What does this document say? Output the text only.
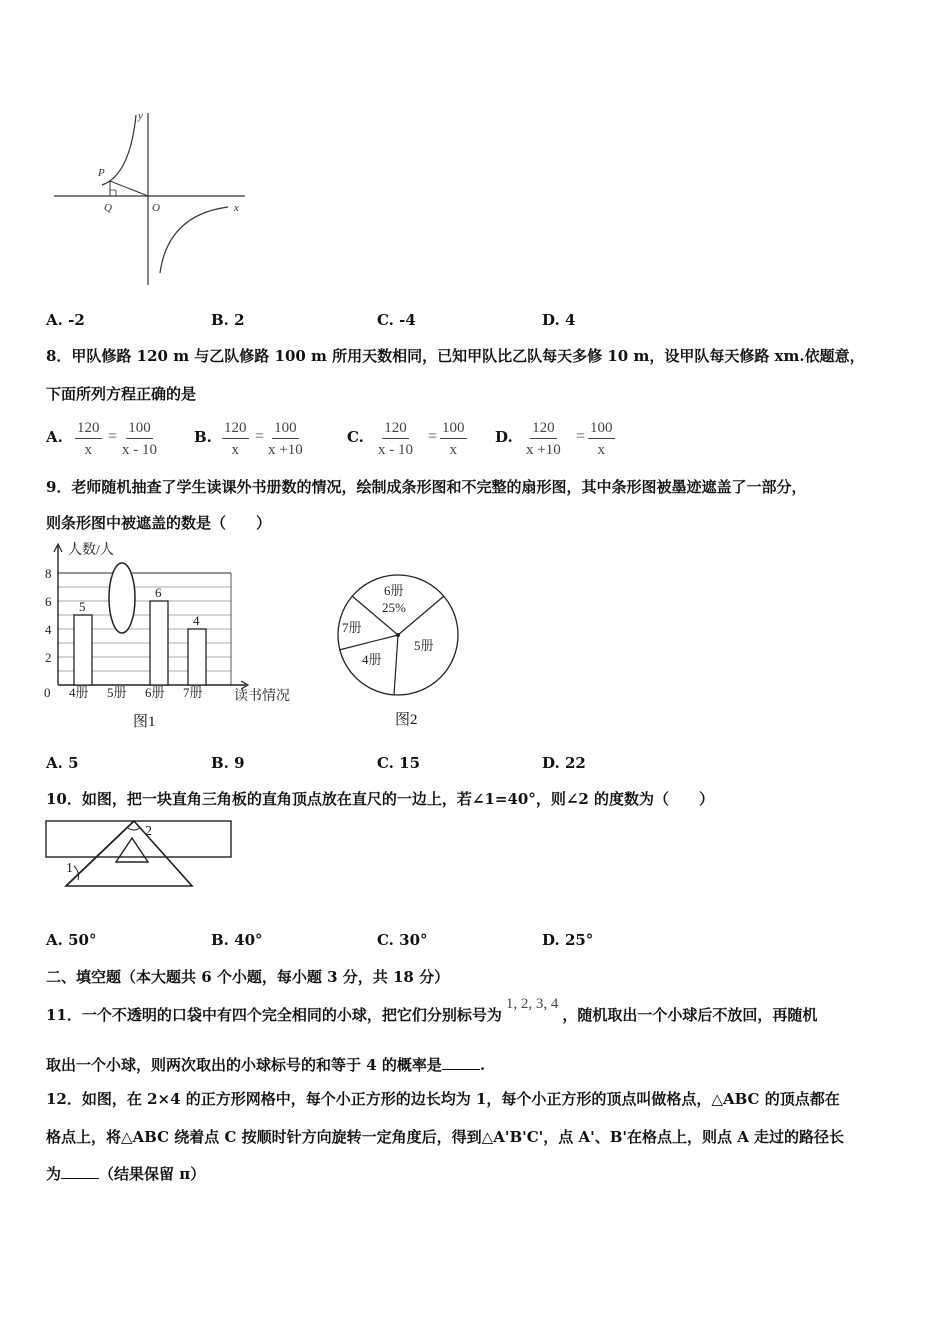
y
x
P
Q	O
A. -2	B. 2	C. -4	D. 4
8．甲队修路 120 m 与乙队修路 100 m 所用天数相同，已知甲队比乙队每天多修 10 m，设甲队每天修路 xm.依题意，
下面所列方程正确的是
A. $\frac{120}{x} = \frac{100}{x - 10} B$. $\frac{120}{x} = \frac{100}{x +10}$	C. $\frac{120}{x - 10} = \frac{100}{x} D$. $\frac{120}{x +10} = \frac{100}{x}$
9．老师随机抽查了学生读课外书册数的情况，绘制成条形图和不完整的扇形图，其中条形图被墨迹遮盖了一部分，
则条形图中被遮盖的数是（　　）
0
2
4
6
8
5
4册 5册
6
6册
4
7册
人数/人
读书情况
图1
6册
25%
5册
4册
7册
图2
A. 5	B. 9	C. 15	D. 22
10．如图，把一块直角三角板的直角顶点放在直尺的一边上，若∠1=40°，则∠2 的度数为（　　）
2
1
A. 50°	B. 40°	C. 30°	D. 25°
二、填空题（本大题共 6 个小题，每小题 3 分，共 18 分）
11．一个不透明的口袋中有四个完全相同的小球，把它们分别标号为1, 2, 3, 4，随机取出一个小球后不放回，再随机
取出一个小球，则两次取出的小球标号的和等于 4 的概率是	.
12．如图，在 2×4 的正方形网格中，每个小正方形的边长均为 1，每个小正方形的顶点叫做格点，△ABC 的顶点都在
格点上，将△ABC 绕着点 C 按顺时针方向旋转一定角度后，得到△A'B'C'，点 A'、B'在格点上，则点 A 走过的路径长
为	（结果保留 π）
